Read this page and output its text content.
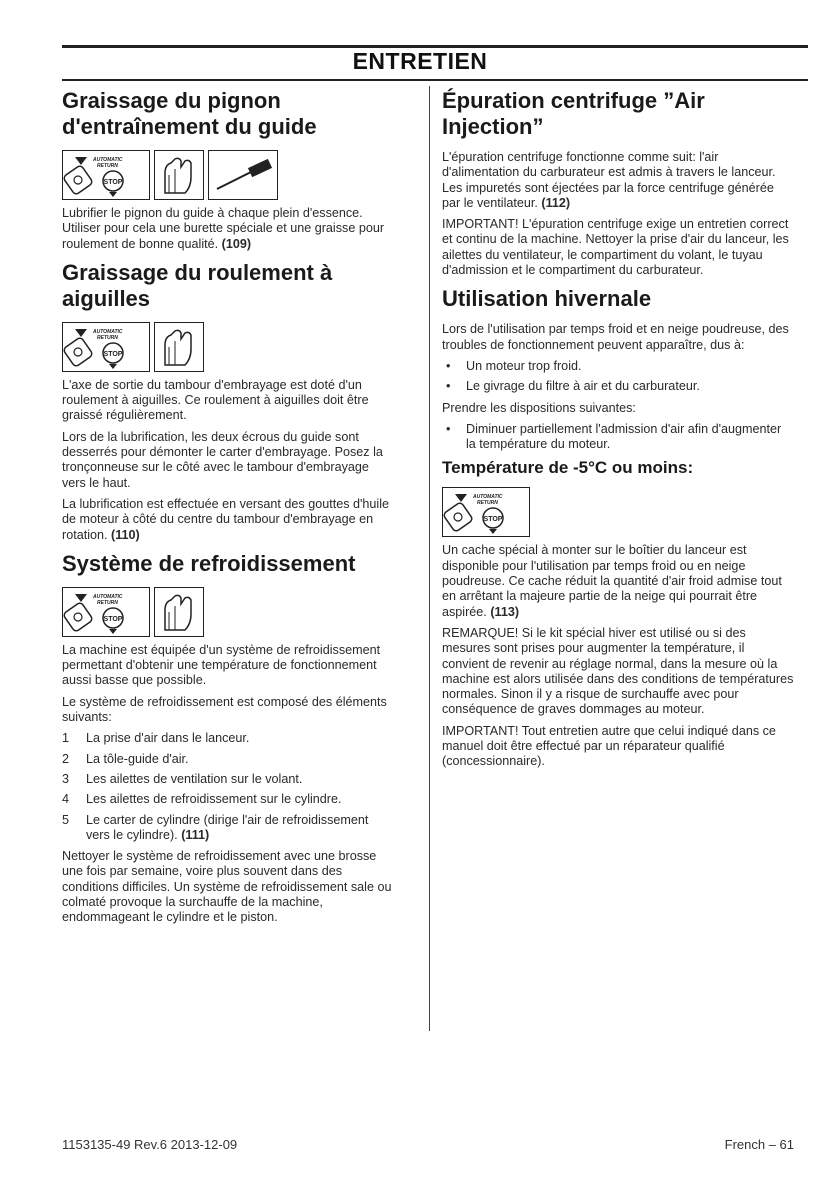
ENTRETIEN
Graissage du pignon d'entraînement du guide
AUTOMATIC
RETURN
STOP

Lubrifier le pignon du guide à chaque plein d'essence. Utiliser pour cela une burette spéciale et une graisse pour roulement de bonne qualité. (109)

Graissage du roulement à aiguilles
AUTOMATIC
RETURN
STOP

L'axe de sortie du tambour d'embrayage est doté d'un roulement à aiguilles. Ce roulement à aiguilles doit être graissé régulièrement.

Lors de la lubrification, les deux écrous du guide sont desserrés pour démonter le carter d'embrayage. Posez la tronçonneuse sur le côté avec le tambour d'embrayage vers le haut.

La lubrification est effectuée en versant des gouttes d'huile de moteur à côté du centre du tambour d'embrayage en rotation. (110)

Système de refroidissement
AUTOMATIC
RETURN
STOP

La machine est équipée d'un système de refroidissement permettant d'obtenir une température de fonctionnement aussi basse que possible.

Le système de refroidissement est composé des éléments suivants:

1	La prise d'air dans le lanceur.
2	La tôle-guide d'air.
3	Les ailettes de ventilation sur le volant.
4	Les ailettes de refroidissement sur le cylindre.
5	Le carter de cylindre (dirige l'air de refroidissement vers le cylindre). (111)

Nettoyer le système de refroidissement avec une brosse une fois par semaine, voire plus souvent dans des conditions difficiles. Un système de refroidissement sale ou colmaté provoque la surchauffe de la machine, endommageant le cylindre et le piston.

Épuration centrifuge ”Air Injection”

L'épuration centrifuge fonctionne comme suit: l'air d'alimentation du carburateur est admis à travers le lanceur. Les impuretés sont éjectées par la force centrifuge générée par le ventilateur. (112)

IMPORTANT! L'épuration centrifuge exige un entretien correct et continu de la machine. Nettoyer la prise d'air du lanceur, les ailettes du ventilateur, le compartiment du volant, le tuyau d'admission et le compartiment du carburateur.

Utilisation hivernale

Lors de l'utilisation par temps froid et en neige poudreuse, des troubles de fonctionnement peuvent apparaître, dus à:

• Un moteur trop froid.
• Le givrage du filtre à air et du carburateur.

Prendre les dispositions suivantes:

• Diminuer partiellement l'admission d'air afin d'augmenter la température du moteur.
Température de -5°C ou moins:
AUTOMATIC
RETURN
STOP

Un cache spécial à monter sur le boîtier du lanceur est disponible pour l'utilisation par temps froid ou en neige poudreuse. Ce cache réduit la quantité d'air froid admise tout en arrêtant la majeure partie de la neige qui pourrait être aspirée. (113)

REMARQUE! Si le kit spécial hiver est utilisé ou si des mesures sont prises pour augmenter la température, il convient de revenir au réglage normal, dans la mesure où la machine est alors utilisée dans des conditions de températures normales. Sinon il y a risque de surchauffe avec pour conséquence de graves dommages au moteur.

IMPORTANT! Tout entretien autre que celui indiqué dans ce manuel doit être effectué par un réparateur qualifié (concessionnaire).

1153135-49 Rev.6 2013-12-09	French – 61
